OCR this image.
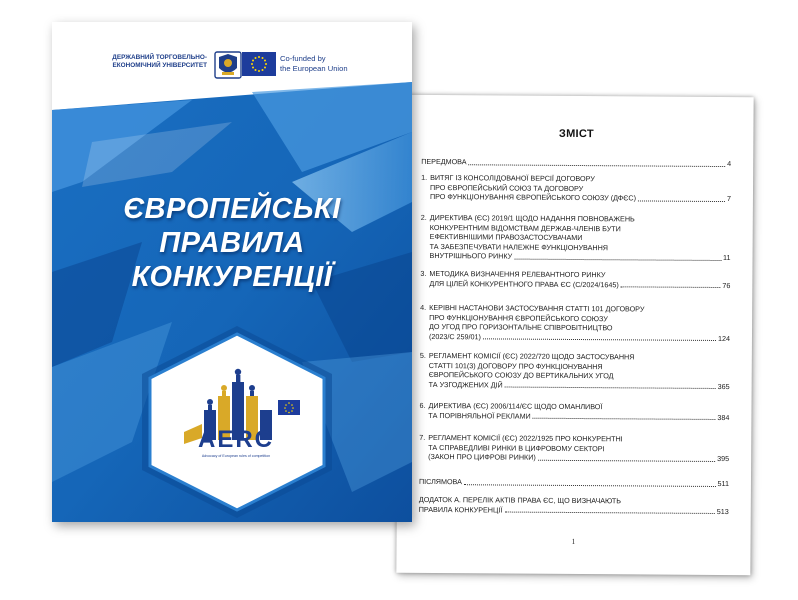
ЗМІСТ
ПЕРЕДМОВА	4
1. ВИТЯГ ІЗ КОНСОЛІДОВАНОЇ ВЕРСІЇ ДОГОВОРУ
ПРО ЄВРОПЕЙСЬКИЙ СОЮЗ ТА ДОГОВОРУ
ПРО ФУНКЦІОНУВАННЯ ЄВРОПЕЙСЬКОГО СОЮЗУ (ДФЄС)	7
2. ДИРЕКТИВА (ЄС) 2019/1 ЩОДО НАДАННЯ ПОВНОВАЖЕНЬ
КОНКУРЕНТНИМ ВІДОМСТВАМ ДЕРЖАВ-ЧЛЕНІВ БУТИ
ЕФЕКТИВНІШИМИ ПРАВОЗАСТОСУВАЧАМИ
ТА ЗАБЕЗПЕЧУВАТИ НАЛЕЖНЕ ФУНКЦІОНУВАННЯ
ВНУТРІШНЬОГО РИНКУ	11
3. МЕТОДИКА ВИЗНАЧЕННЯ РЕЛЕВАНТНОГО РИНКУ
ДЛЯ ЦІЛЕЙ КОНКУРЕНТНОГО ПРАВА ЄС (С/2024/1645)	76
4. КЕРІВНІ НАСТАНОВИ ЗАСТОСУВАННЯ СТАТТІ 101 ДОГОВОРУ
ПРО ФУНКЦІОНУВАННЯ ЄВРОПЕЙСЬКОГО СОЮЗУ
ДО УГОД ПРО ГОРИЗОНТАЛЬНЕ СПІВРОБІТНИЦТВО
(2023/С 259/01)	124
5. РЕГЛАМЕНТ КОМІСІЇ (ЄС) 2022/720 ЩОДО ЗАСТОСУВАННЯ
СТАТТІ 101(3) ДОГОВОРУ ПРО ФУНКЦІОНУВАННЯ
ЄВРОПЕЙСЬКОГО СОЮЗУ ДО ВЕРТИКАЛЬНИХ УГОД
ТА УЗГОДЖЕНИХ ДІЙ	365
6. ДИРЕКТИВА (ЄС) 2006/114/ЄС ЩОДО ОМАНЛИВОЇ
ТА ПОРІВНЯЛЬНОЇ РЕКЛАМИ	384
7. РЕГЛАМЕНТ КОМІСІЇ (ЄС) 2022/1925 ПРО КОНКУРЕНТНІ
ТА СПРАВЕДЛИВІ РИНКИ В ЦИФРОВОМУ СЕКТОРІ
(ЗАКОН ПРО ЦИФРОВІ РИНКИ)	395
ПІСЛЯМОВА	511
ДОДАТОК А. ПЕРЕЛІК АКТІВ ПРАВА ЄС, ЩО ВИЗНАЧАЮТЬ
ПРАВИЛА КОНКУРЕНЦІЇ	513
1
ДЕРЖАВНИЙ ТОРГОВЕЛЬНО-ЕКОНОМІЧНИЙ УНІВЕРСИТЕТ
Co-funded by
the European Union
ЄВРОПЕЙСЬКІ
ПРАВИЛА
КОНКУРЕНЦІЇ
AERC
Advocacy of European rules of competition
